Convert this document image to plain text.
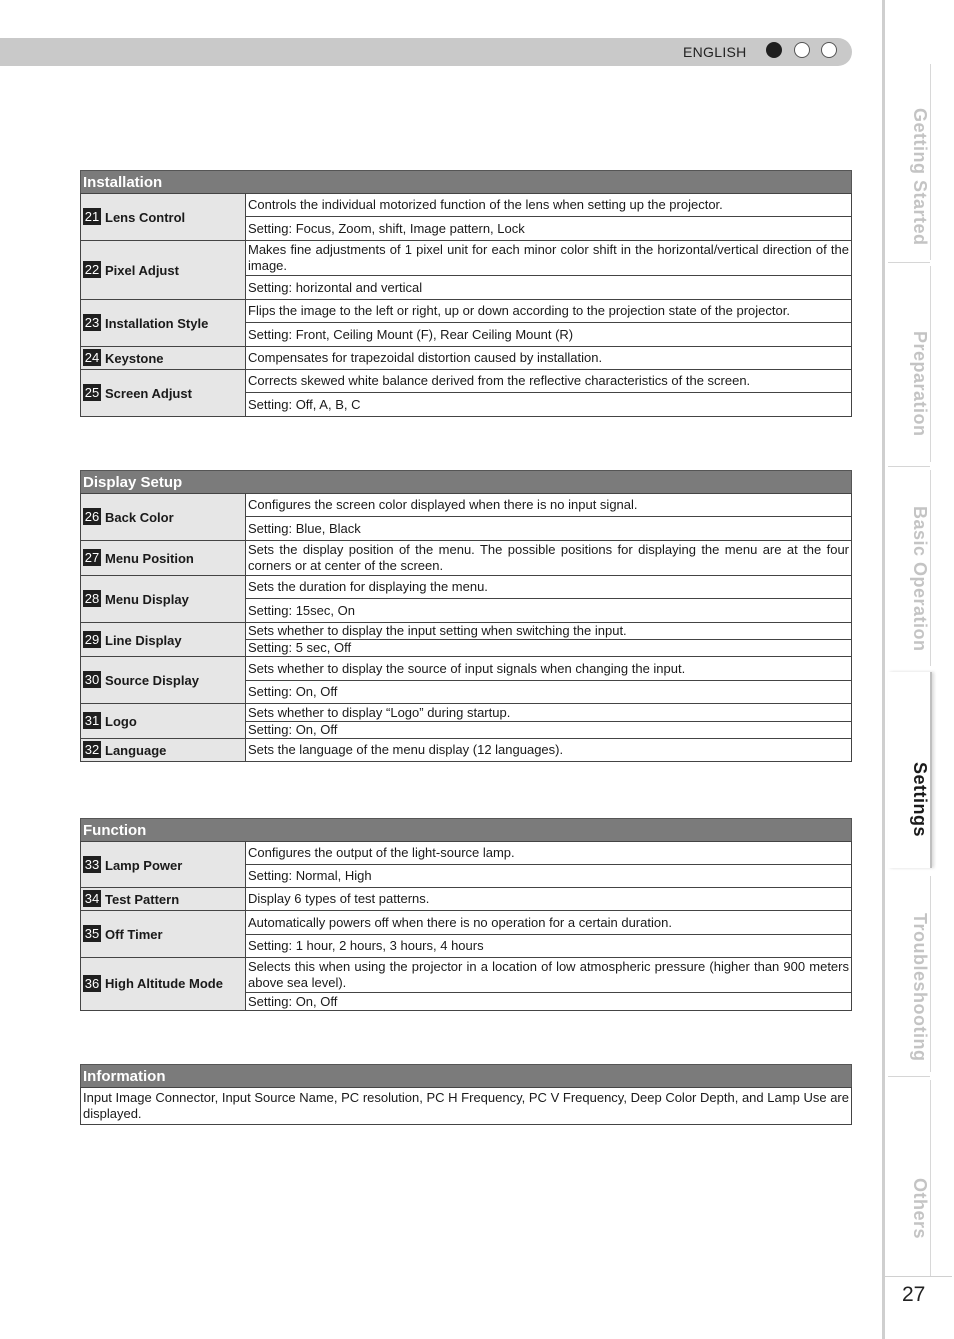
ENGLISH
Getting Started
Preparation
Basic Operation
Settings
Troubleshooting
Others
27
Installation
21 Lens Control	Controls the individual motorized function of the lens when setting up the projector.
	Setting: Focus, Zoom, shift, Image pattern, Lock
22 Pixel Adjust	Makes fine adjustments of 1 pixel unit for each minor color shift in the horizontal/vertical direction of the image.
	Setting: horizontal and vertical
23 Installation Style	Flips the image to the left or right, up or down according to the projection state of the projector.
	Setting: Front, Ceiling Mount (F), Rear Ceiling Mount (R)
24 Keystone	Compensates for trapezoidal distortion caused by installation.
25 Screen Adjust	Corrects skewed white balance derived from the reflective characteristics of the screen.
	Setting: Off, A, B, C
Display Setup
26 Back Color	Configures the screen color displayed when there is no input signal.
	Setting: Blue, Black
27 Menu Position	Sets the display position of the menu. The possible positions for displaying the menu are at the four corners or at center of the screen.
28 Menu Display	Sets the duration for displaying the menu.
	Setting: 15sec, On
29 Line Display	Sets whether to display the input setting when switching the input.
	Setting: 5 sec, Off
30 Source Display	Sets whether to display the source of input signals when changing the input.
	Setting: On, Off
31 Logo	Sets whether to display “Logo” during startup.
	Setting: On, Off
32 Language	Sets the language of the menu display (12 languages).
Function
33 Lamp Power	Configures the output of the light-source lamp.
	Setting: Normal, High
34 Test Pattern	Display 6 types of test patterns.
35 Off Timer	Automatically powers off when there is no operation for a certain duration.
	Setting: 1 hour, 2 hours, 3 hours, 4 hours

36 High Altitude Mode	Selects this when using the projector in a location of low atmospheric pressure (higher than 900 meters above sea level).
	Setting: On, Off
Information
Input Image Connector, Input Source Name, PC resolution, PC H Frequency, PC V Frequency, Deep Color Depth, and Lamp Use are displayed.
